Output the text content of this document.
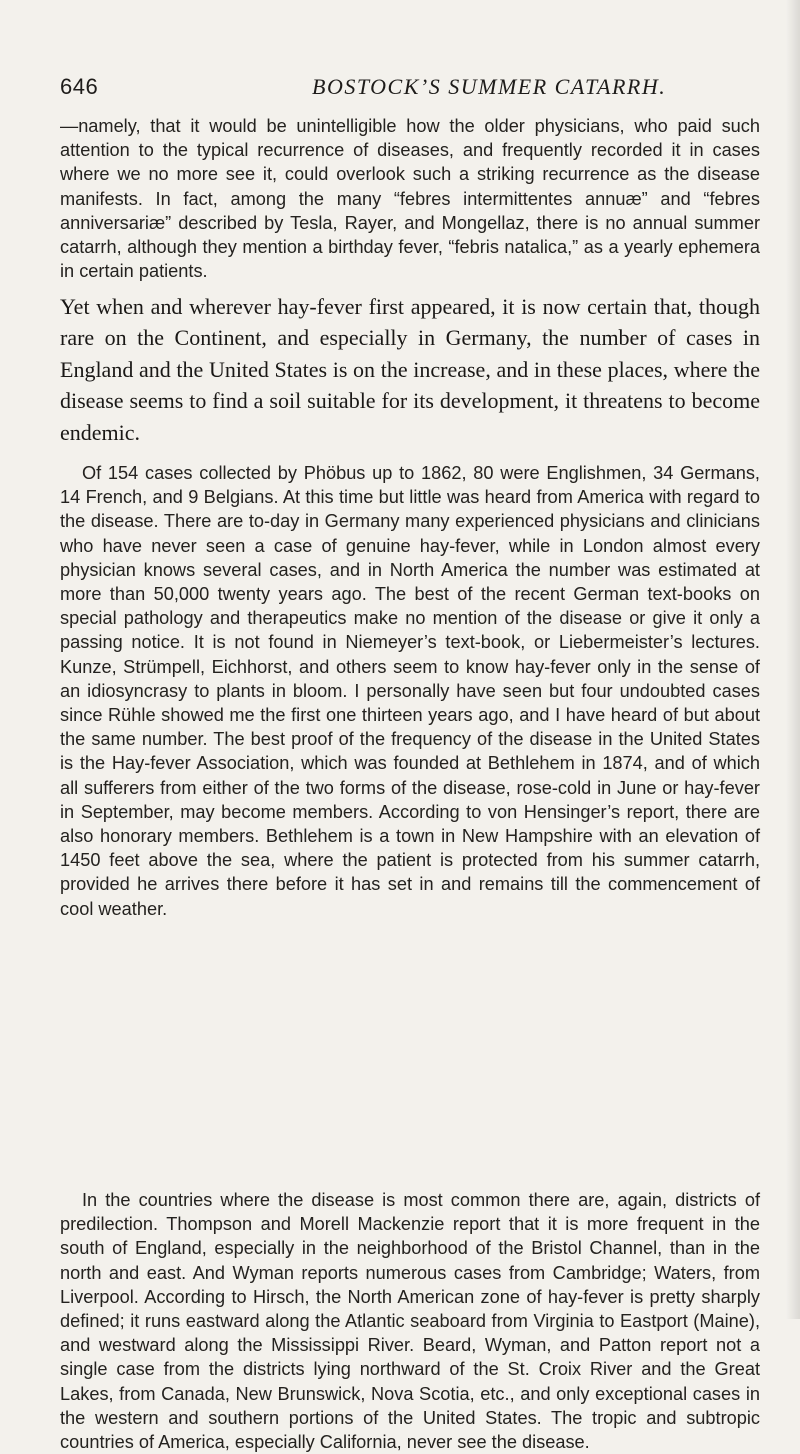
646	BOSTOCK’S SUMMER CATARRH.

—namely, that it would be unintelligible how the older physicians, who paid such attention to the typical recurrence of diseases, and frequently recorded it in cases where we no more see it, could overlook such a striking recurrence as the disease manifests. In fact, among the many “febres intermittentes annuæ” and “febres anniversariæ” described by Tesla, Rayer, and Mongellaz, there is no annual summer catarrh, although they mention a birthday fever, “febris natalica,” as a yearly ephemera in certain patients.

Yet when and wherever hay-fever first appeared, it is now certain that, though rare on the Continent, and especially in Germany, the number of cases in England and the United States is on the increase, and in these places, where the disease seems to find a soil suitable for its development, it threatens to become endemic.

Of 154 cases collected by Phöbus up to 1862, 80 were Englishmen, 34 Germans, 14 French, and 9 Belgians. At this time but little was heard from America with regard to the disease. There are to-day in Germany many experienced physicians and clinicians who have never seen a case of genuine hay-fever, while in London almost every physician knows several cases, and in North America the number was estimated at more than 50,000 twenty years ago. The best of the recent German text-books on special pathology and therapeutics make no mention of the disease or give it only a passing notice. It is not found in Niemeyer’s text-book, or Liebermeister’s lectures. Kunze, Strümpell, Eichhorst, and others seem to know hay-fever only in the sense of an idiosyncrasy to plants in bloom. I personally have seen but four undoubted cases since Rühle showed me the first one thirteen years ago, and I have heard of but about the same number. The best proof of the frequency of the disease in the United States is the Hay-fever Association, which was founded at Bethlehem in 1874, and of which all sufferers from either of the two forms of the disease, rose-cold in June or hay-fever in September, may become members. According to von Hensinger’s report, there are also honorary members. Bethlehem is a town in New Hampshire with an elevation of 1450 feet above the sea, where the patient is protected from his summer catarrh, provided he arrives there before it has set in and remains till the commencement of cool weather.

In the countries where the disease is most common there are, again, districts of predilection. Thompson and Morell Mackenzie report that it is more frequent in the south of England, especially in the neighborhood of the Bristol Channel, than in the north and east. And Wyman reports numerous cases from Cambridge; Waters, from Liverpool. According to Hirsch, the North American zone of hay-fever is pretty sharply defined; it runs eastward along the Atlantic seaboard from Virginia to Eastport (Maine), and westward along the Mississippi River. Beard, Wyman, and Patton report not a single case from the districts lying northward of the St. Croix River and the Great Lakes, from Canada, New Brunswick, Nova Scotia, etc., and only exceptional cases in the western and southern portions of the United States. The tropic and subtropic countries of America, especially California, never see the disease.
